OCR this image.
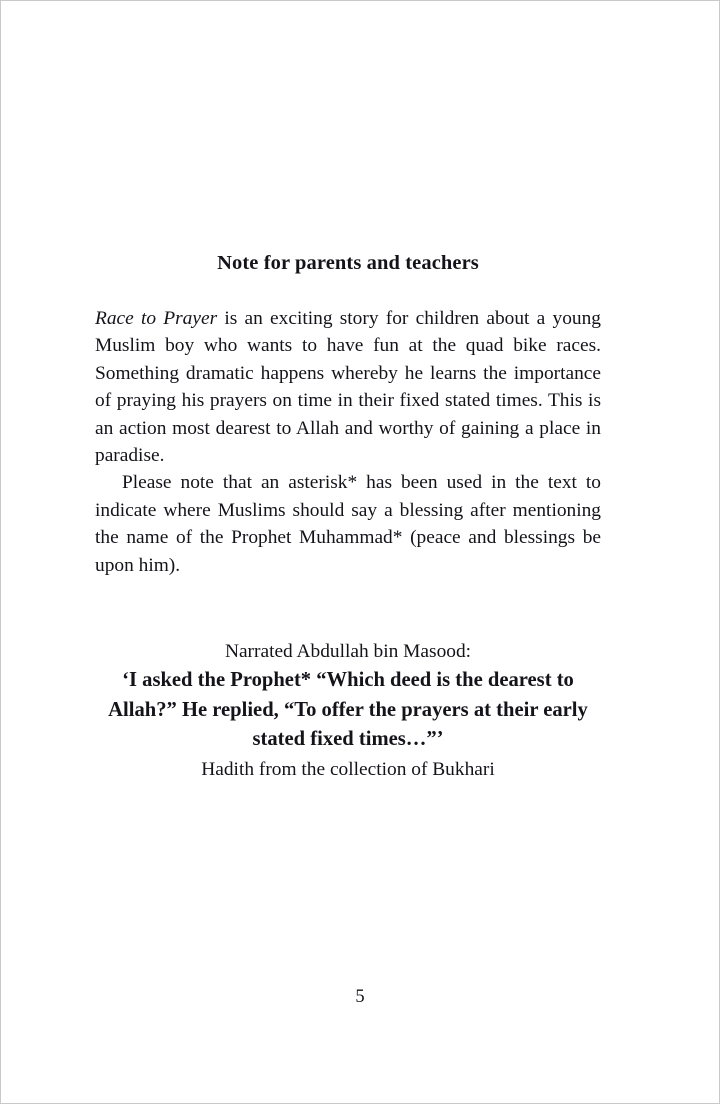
Note for parents and teachers

Race to Prayer is an exciting story for children about a young Muslim boy who wants to have fun at the quad bike races. Something dramatic happens whereby he learns the importance of praying his prayers on time in their fixed stated times. This is an action most dearest to Allah and worthy of gaining a place in paradise.

Please note that an asterisk* has been used in the text to indicate where Muslims should say a blessing after mentioning the name of the Prophet Muhammad* (peace and blessings be upon him).

Narrated Abdullah bin Masood:

‘I asked the Prophet* “Which deed is the dearest to

Allah?” He replied, “To offer the prayers at their early

stated fixed times…”’

Hadith from the collection of Bukhari

5
